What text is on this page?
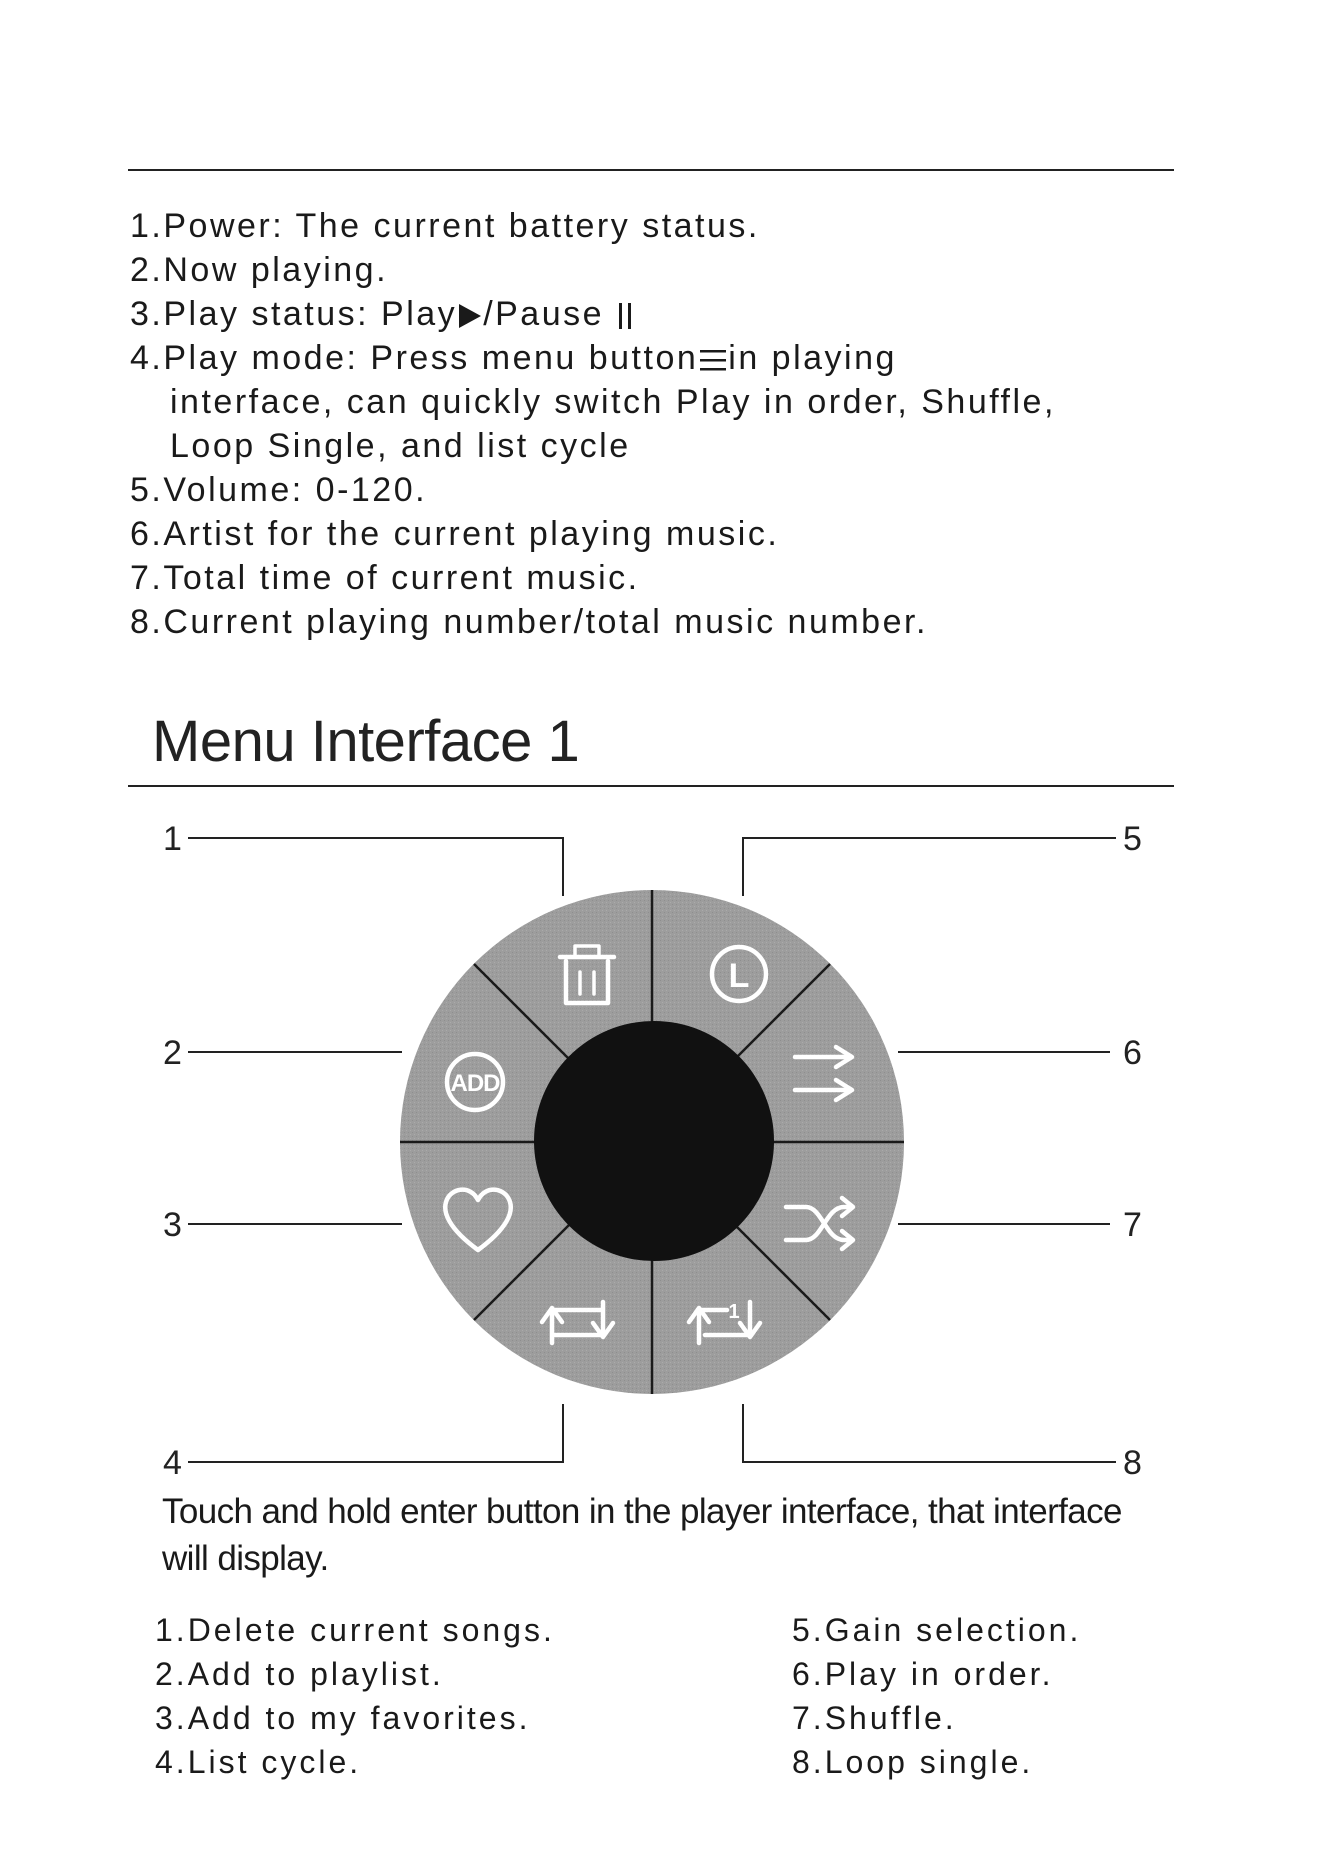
1.Power: The current battery status.
2.Now playing.
3.Play status: Play /Pause
4.Play mode: Press menu button in playing
interface, can quickly switch Play in order, Shuffle,
Loop Single, and list cycle
5.Volume: 0-120.
6.Artist for the current playing music.
7.Total time of current music.
8.Current playing number/total music number.
Menu Interface 1
1
2
3
4
5
6
7
8
L
ADD
1

Touch and hold enter button in the player interface, that interface will display.

1.Delete current songs.
2.Add to playlist.
3.Add to my favorites.
4.List cycle.
5.Gain selection.
6.Play in order.
7.Shuffle.
8.Loop single.
